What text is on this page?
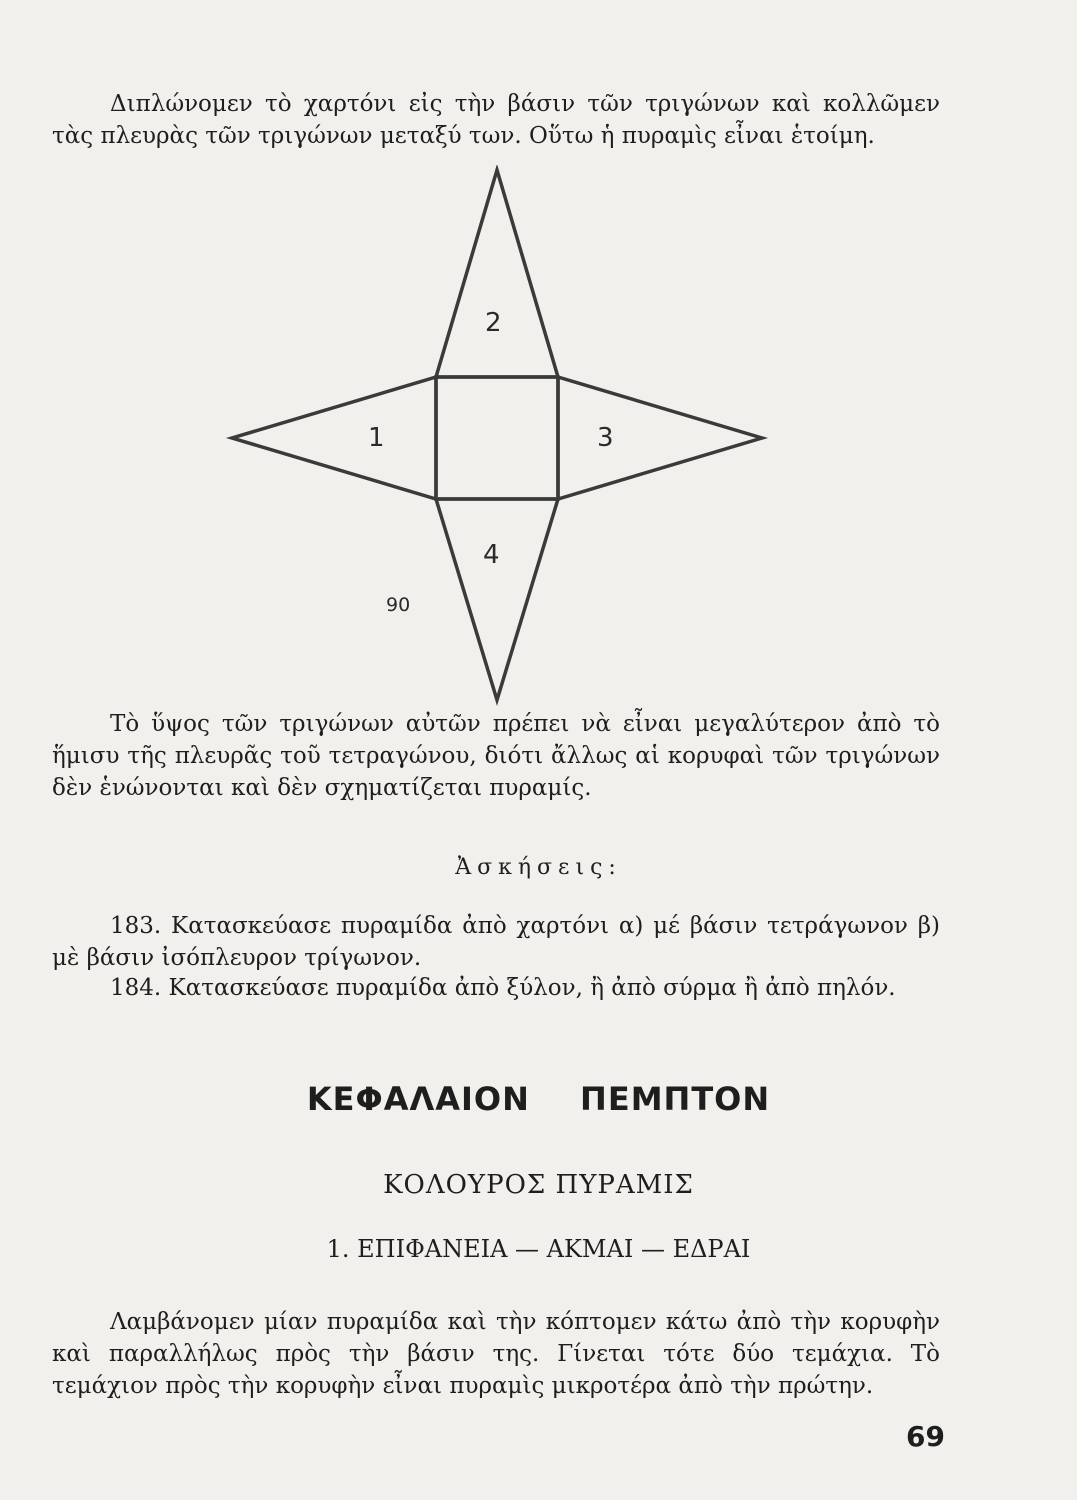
Διπλώνομεν τὸ χαρτόνι εἰς τὴν βάσιν τῶν τριγώνων καὶ κολλῶμεν τὰς πλευρὰς τῶν τριγώνων μεταξύ των. Οὕτω ἡ πυραμὶς εἶναι ἑτοίμη.

2
1	3
4
90

Τὸ ὕψος τῶν τριγώνων αὐτῶν πρέπει νὰ εἶναι μεγαλύτερον ἀπὸ τὸ ἥμισυ τῆς πλευρᾶς τοῦ τετραγώνου, διότι ἄλλως αἱ κορυφαὶ τῶν τριγώνων δὲν ἑνώνονται καὶ δὲν σχηματίζεται πυραμίς.

Ἀσκήσεις:

183. Κατασκεύασε πυραμίδα ἀπὸ χαρτόνι α) μέ βάσιν τετράγωνον β) μὲ βάσιν ἰσόπλευρον τρίγωνον.

184. Κατασκεύασε πυραμίδα ἀπὸ ξύλον, ἢ ἀπὸ σύρμα ἢ ἀπὸ πηλόν.

ΚΕΦΑΛΑΙΟΝ ΠΕΜΠΤΟΝ
ΚΟΛΟΥΡΟΣ ΠΥΡΑΜΙΣ
1. ΕΠΙΦΑΝΕΙΑ — ΑΚΜΑΙ — ΕΔΡΑΙ

Λαμβάνομεν μίαν πυραμίδα καὶ τὴν κόπτομεν κάτω ἀπὸ τὴν κορυφὴν καὶ παραλλήλως πρὸς τὴν βάσιν της. Γίνεται τότε δύο τεμάχια. Τὸ τεμάχιον πρὸς τὴν κορυφὴν εἶναι πυραμὶς μικροτέρα ἀπὸ τὴν πρώτην.

69
